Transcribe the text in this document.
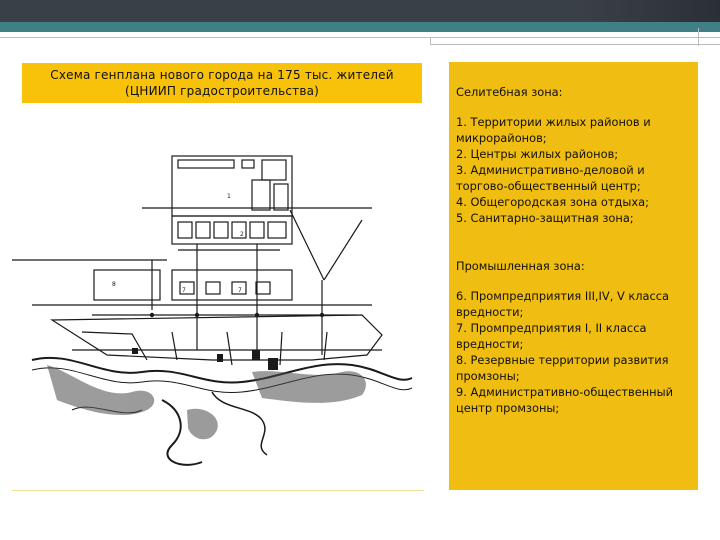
Схема генплана нового города на 175 тыс. жителей
(ЦНИИП градостроительства)
1
2
7	7
8
Селитебная зона:
1. Территории жилых районов и микрорайонов;
2. Центры жилых районов;
3. Административно-деловой и торгово-общественный центр;
4. Общегородская зона отдыха;
5. Санитарно-защитная зона;
Промышленная зона:
6. Промпредприятия III,IV, V класса вредности;
7. Промпредприятия I, II класса вредности;
8. Резервные территории развития промзоны;
9. Административно-общественный центр промзоны;
